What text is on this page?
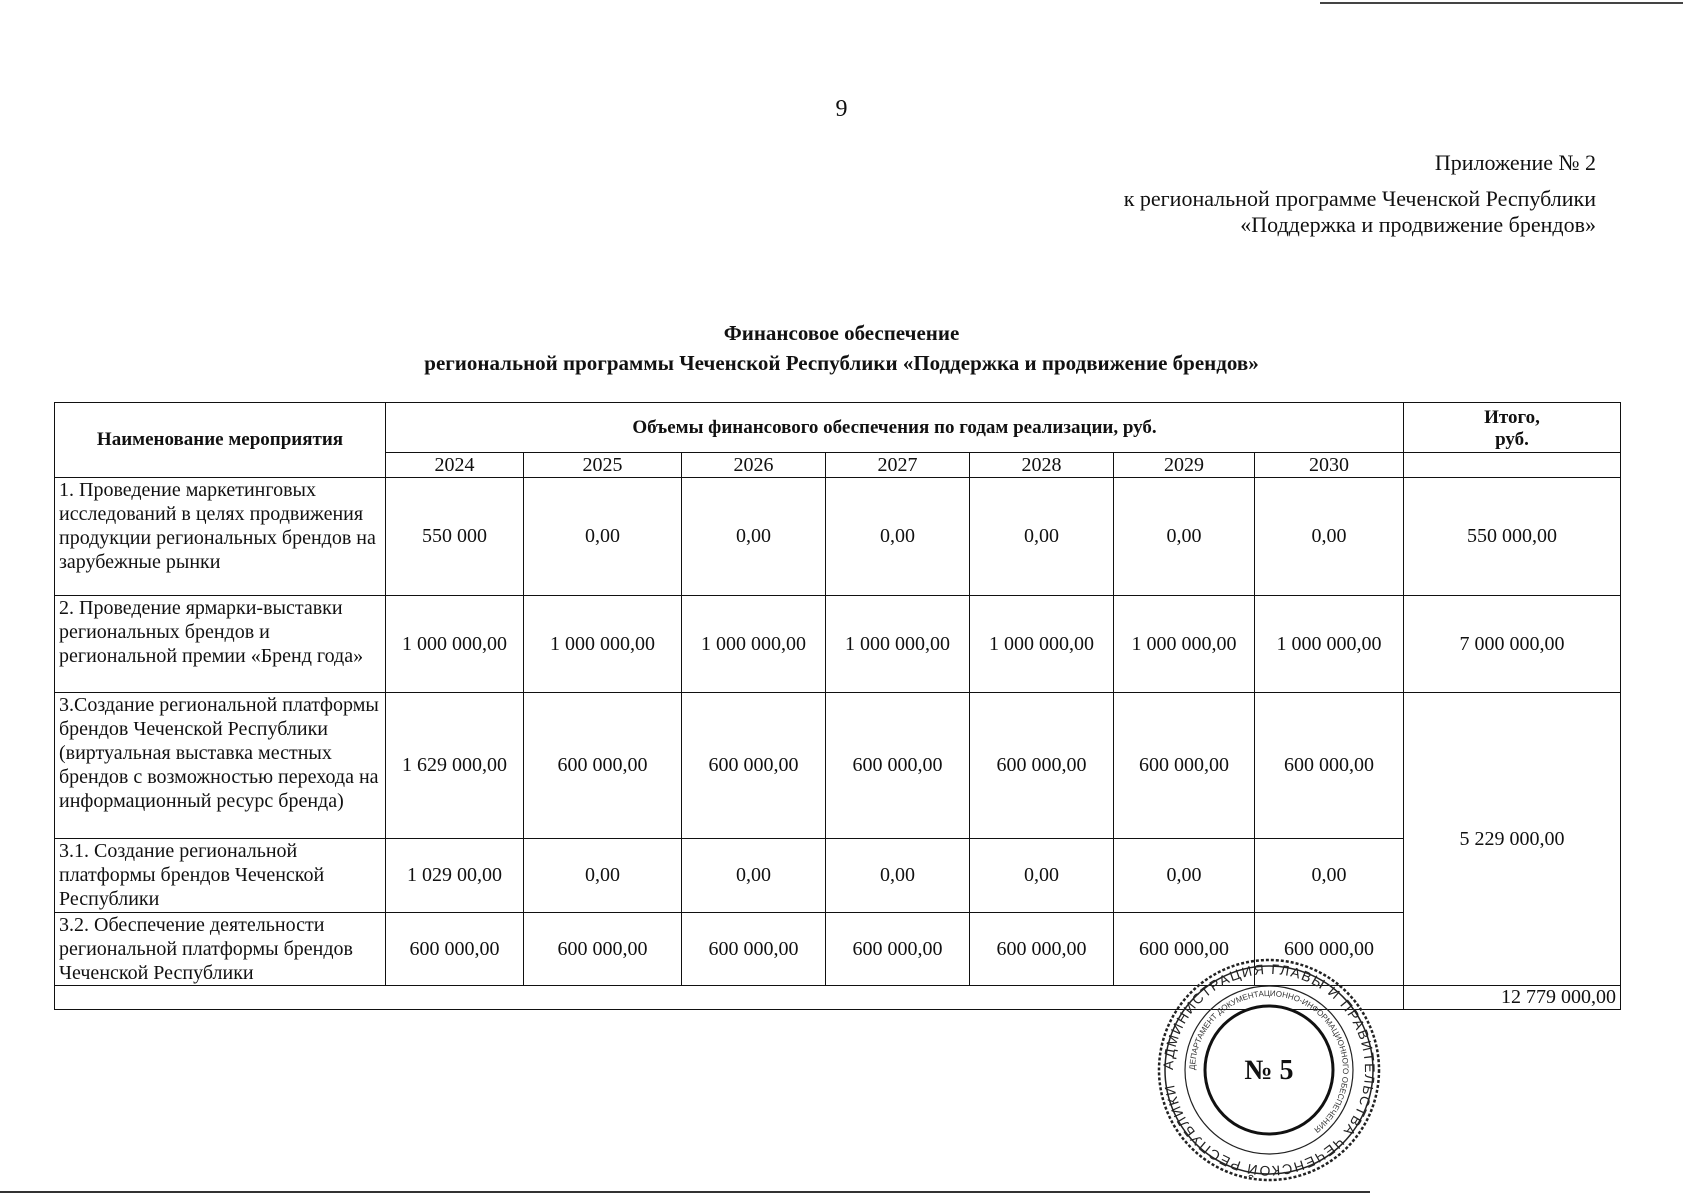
9
Приложение № 2
к региональной программе Чеченской Республики
«Поддержка и продвижение брендов»
Финансовое обеспечение
региональной программы Чеченской Республики «Поддержка и продвижение брендов»
Наименование мероприятия	Объемы финансового обеспечения по годам реализации, руб.							Итого,
руб.
	2024	2025	2026	2027	2028	2029	2030	
1. Проведение маркетинговых исследований в целях продвижения продукции региональных брендов на зарубежные рынки	550 000	0,00	0,00	0,00	0,00	0,00	0,00	550 000,00
2. Проведение ярмарки-выставки региональных брендов и региональной премии «Бренд года»	1 000 000,00	1 000 000,00	1 000 000,00	1 000 000,00	1 000 000,00	1 000 000,00	1 000 000,00	7 000 000,00
3.Создание региональной платформы брендов Чеченской Республики (виртуальная выставка местных брендов с возможностью перехода на информационный ресурс бренда)	1 629 000,00	600 000,00	600 000,00	600 000,00	600 000,00	600 000,00	600 000,00	5 229 000,00
3.1. Создание региональной платформы брендов Чеченской Республики	1 029 00,00	0,00	0,00	0,00	0,00	0,00	0,00	
3.2. Обеспечение деятельности региональной платформы брендов Чеченской Республики	600 000,00	600 000,00	600 000,00	600 000,00	600 000,00	600 000,00	600 000,00	
								12 779 000,00
АДМИНИСТРАЦИЯ ГЛАВЫ И ПРАВИТЕЛЬСТВА ЧЕЧЕНСКОЙ РЕСПУБЛИКИ
ДЕПАРТАМЕНТ ДОКУМЕНТАЦИОННО-ИНФОРМАЦИОННОГО ОБЕСПЕЧЕНИЯ
№ 5
